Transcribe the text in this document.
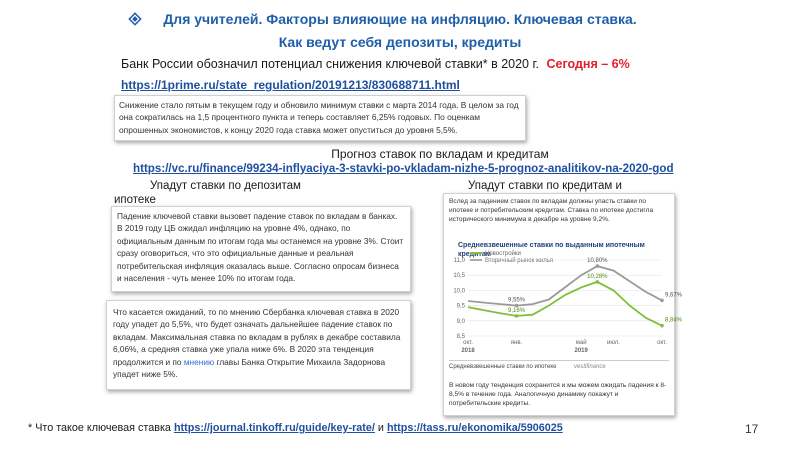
Для учителей. Факторы влияющие на инфляцию. Ключевая ставка.
Как ведут себя депозиты, кредиты
Банк России обозначил потенциал снижения ключевой ставки* в 2020 г. Сегодня – 6%
https://1prime.ru/state_regulation/20191213/830688711.html

Снижение стало пятым в текущем году и обновило минимум ставки с марта 2014 года. В целом за год она сократилась на 1,5 процентного пункта и теперь составляет 6,25% годовых. По оценкам опрошенных экономистов, к концу 2020 года ставка может опуститься до уровня 5,5%.

Прогноз ставок по вкладам и кредитам
https://vc.ru/finance/99234-inflyaciya-3-stavki-po-vkladam-nizhe-5-prognoz-analitikov-na-2020-god
Упадут ставки по депозитам	Упадут ставки по кредитам и
ипотеке

Падение ключевой ставки вызовет падение ставок по вкладам в банках. В 2019 году ЦБ ожидал инфляцию на уровне 4%, однако, по официальным данным по итогам года мы останемся на уровне 3%. Стоит сразу оговориться, что это официальные данные и реальная потребительская инфляция оказалась выше. Согласно опросам бизнеса и населения - чуть менее 10% по итогам года.

Что касается ожиданий, то по мнению Сбербанка ключевая ставка в 2020 году упадет до 5,5%, что будет означать дальнейшее падение ставок по вкладам. Максимальная ставка по вкладам в рублях в декабре составила 6,06%, а средняя ставка уже упала ниже 6%. В 2020 эта тенденция продолжится и по мнению главы Банка Открытие Михаила Задорнова упадет ниже 5%.

Вслед за падением ставок по вкладам должны упасть ставки по ипотеке и потребительским кредитам. Ставка по ипотеке достигла исторического минимума в декабре на уровне 9,2%.
Средневзвешенные ставки по выданным ипотечным кредитам
Новостройки
Вторичный рынок жилья
8,5
9,0
9,5
10,0
10,5
11,0
окт.	янв.	май	июл.	окт.
2018	2019
9,16%
10,28%
8,84%
9,55%
10,80%
9,67%
Средневзвешенные ставки по ипотеке	vestifinance
В новом году тенденция сохранится и мы можем ожидать падения к 8-8,5% в течение года. Аналогичную динамику покажут и потребительские кредиты.
* Что такое ключевая ставка https://journal.tinkoff.ru/guide/key-rate/ и https://tass.ru/ekonomika/5906025	17
